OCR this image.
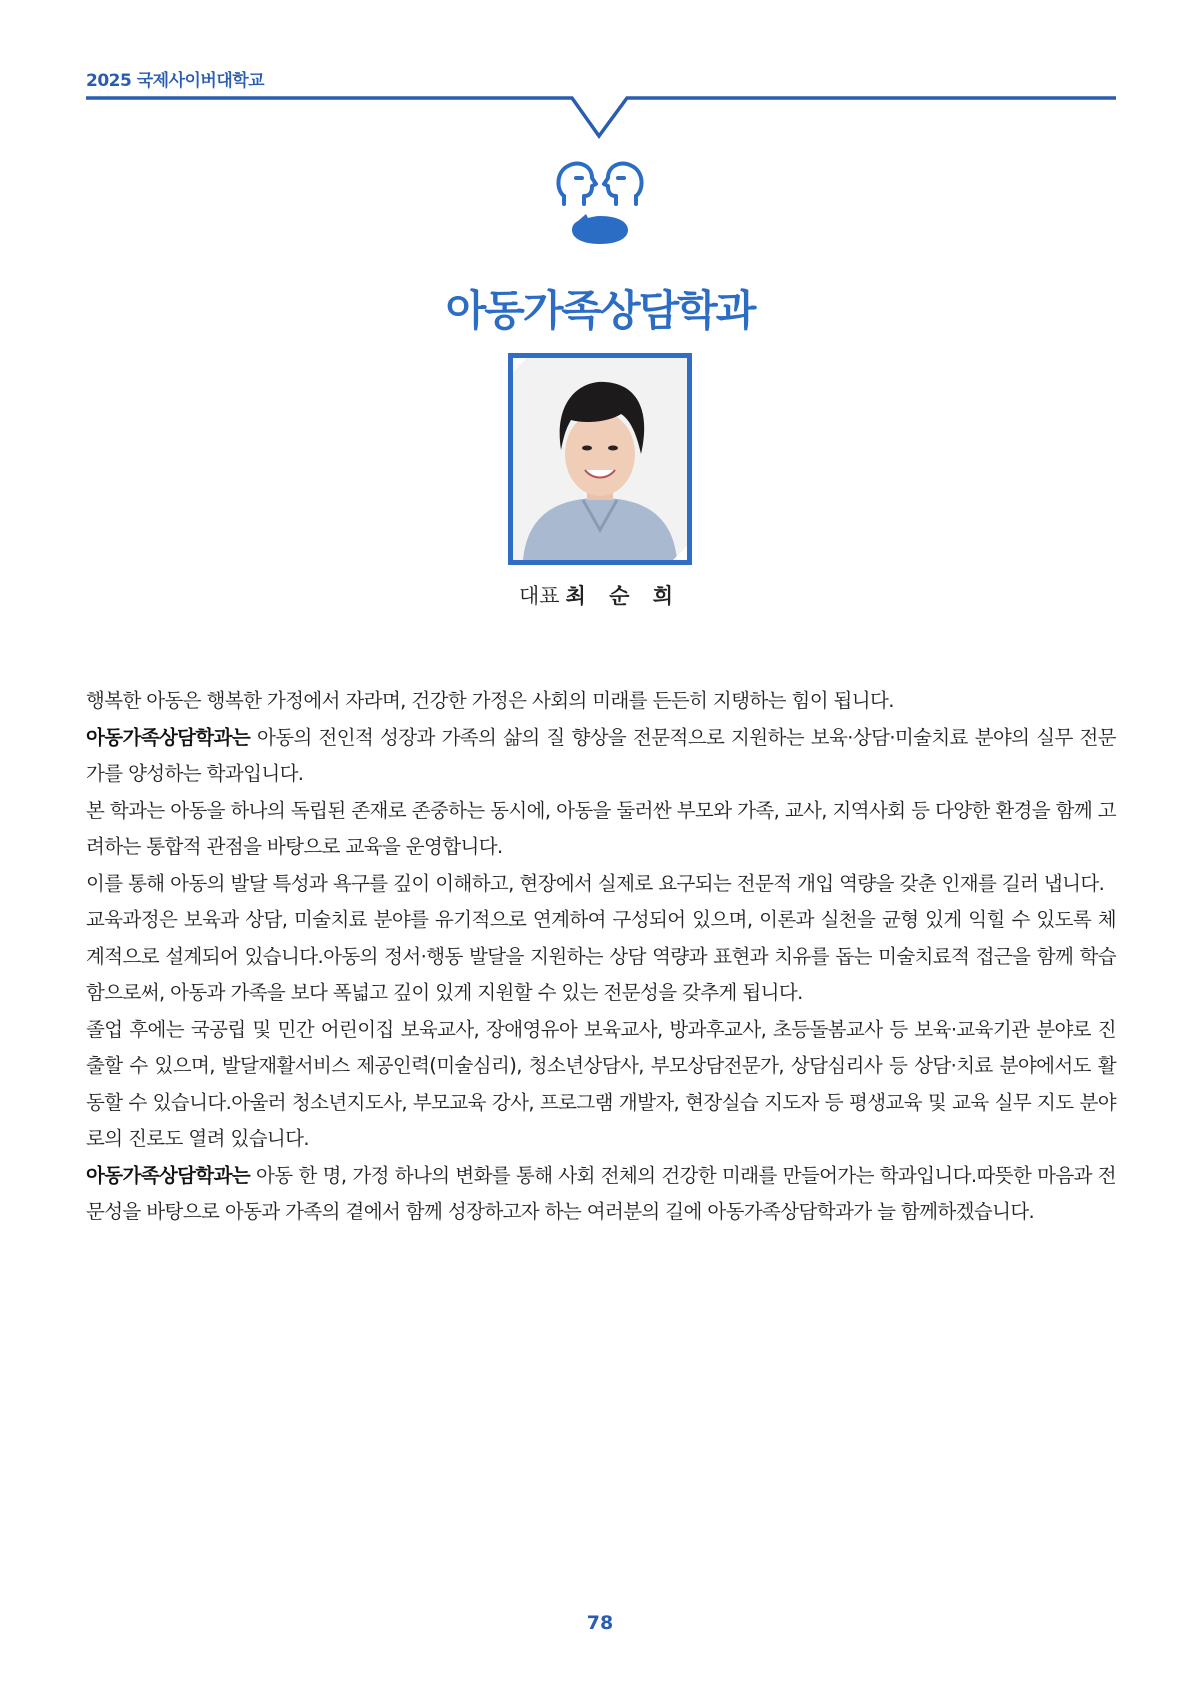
2025 국제사이버대학교
아동가족상담학과
대표 최 순 희

행복한 아동은 행복한 가정에서 자라며, 건강한 가정은 사회의 미래를 든든히 지탱하는 힘이 됩니다.

아동가족상담학과는 아동의 전인적 성장과 가족의 삶의 질 향상을 전문적으로 지원하는 보육·상담·미술치료 분야의 실무 전문가를 양성하는 학과입니다.

본 학과는 아동을 하나의 독립된 존재로 존중하는 동시에, 아동을 둘러싼 부모와 가족, 교사, 지역사회 등 다양한 환경을 함께 고려하는 통합적 관점을 바탕으로 교육을 운영합니다.

이를 통해 아동의 발달 특성과 욕구를 깊이 이해하고, 현장에서 실제로 요구되는 전문적 개입 역량을 갖춘 인재를 길러 냅니다.

교육과정은 보육과 상담, 미술치료 분야를 유기적으로 연계하여 구성되어 있으며, 이론과 실천을 균형 있게 익힐 수 있도록 체계적으로 설계되어 있습니다.아동의 정서·행동 발달을 지원하는 상담 역량과 표현과 치유를 돕는 미술치료적 접근을 함께 학습함으로써, 아동과 가족을 보다 폭넓고 깊이 있게 지원할 수 있는 전문성을 갖추게 됩니다.

졸업 후에는 국공립 및 민간 어린이집 보육교사, 장애영유아 보육교사, 방과후교사, 초등돌봄교사 등 보육·교육기관 분야로 진출할 수 있으며, 발달재활서비스 제공인력(미술심리), 청소년상담사, 부모상담전문가, 상담심리사 등 상담·치료 분야에서도 활동할 수 있습니다.아울러 청소년지도사, 부모교육 강사, 프로그램 개발자, 현장실습 지도자 등 평생교육 및 교육 실무 지도 분야로의 진로도 열려 있습니다.

아동가족상담학과는 아동 한 명, 가정 하나의 변화를 통해 사회 전체의 건강한 미래를 만들어가는 학과입니다.따뜻한 마음과 전문성을 바탕으로 아동과 가족의 곁에서 함께 성장하고자 하는 여러분의 길에 아동가족상담학과가 늘 함께하겠습니다.

78
